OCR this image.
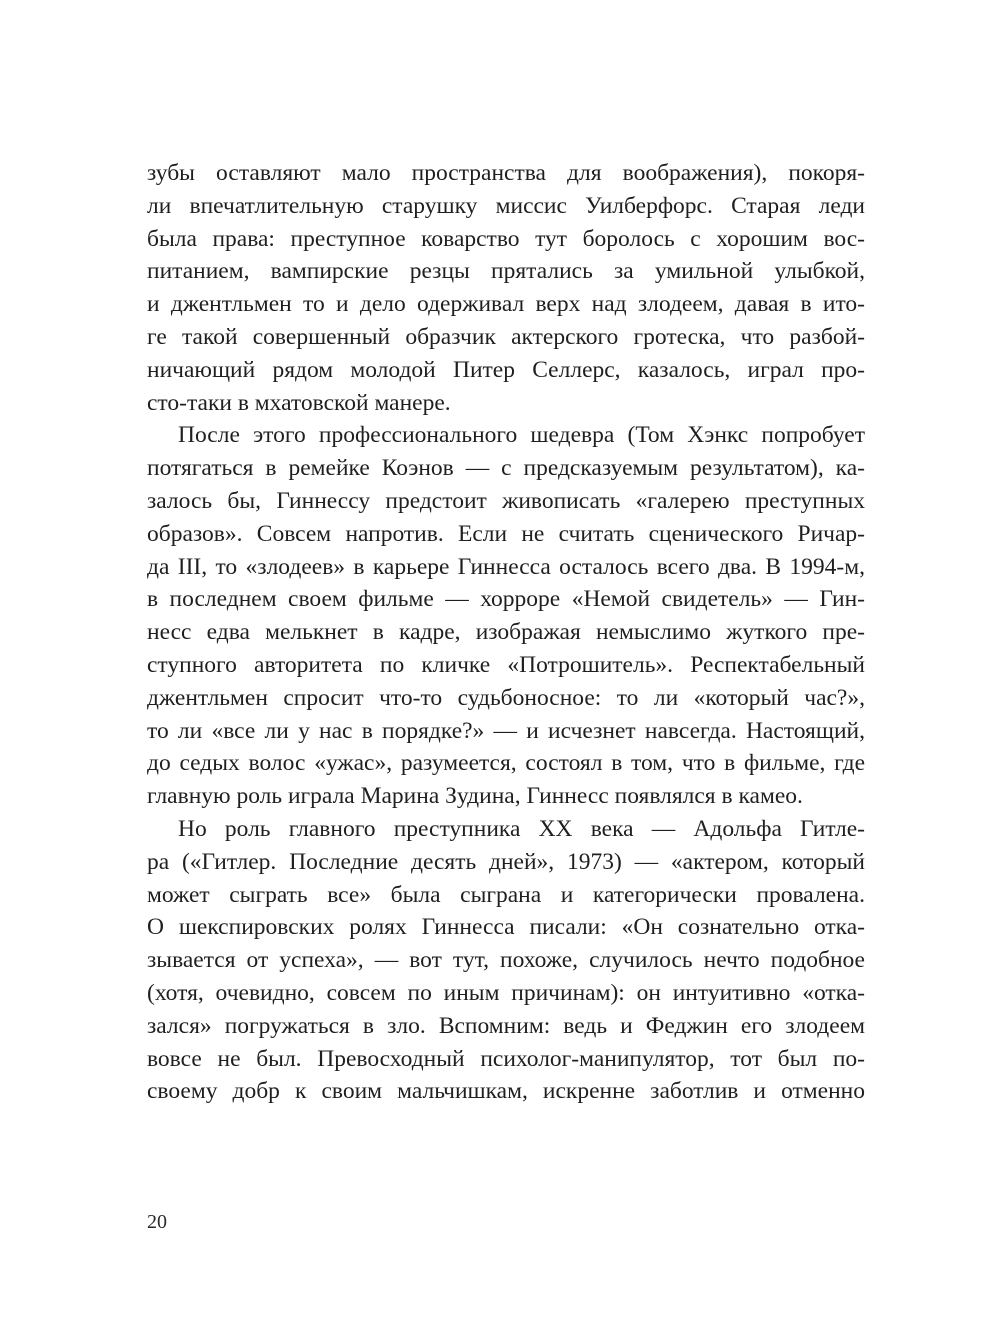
зубы оставляют мало пространства для воображения), покоря-
ли впечатлительную старушку миссис Уилберфорс. Старая леди
была права: преступное коварство тут боролось с хорошим вос-
питанием, вампирские резцы прятались за умильной улыбкой,
и джентльмен то и дело одерживал верх над злодеем, давая в ито-
ге такой совершенный образчик актерского гротеска, что разбой-
ничающий рядом молодой Питер Селлерс, казалось, играл про-
сто-таки в мхатовской манере.
После этого профессионального шедевра (Том Хэнкс попробует
потягаться в ремейке Коэнов — с предсказуемым результатом), ка-
залось бы, Гиннессу предстоит живописать «галерею преступных
образов». Совсем напротив. Если не считать сценического Ричар-
да III, то «злодеев» в карьере Гиннесса осталось всего два. В 1994-м,
в последнем своем фильме — хорроре «Немой свидетель» — Гин-
несс едва мелькнет в кадре, изображая немыслимо жуткого пре-
ступного авторитета по кличке «Потрошитель». Респектабельный
джентльмен спросит что-то судьбоносное: то ли «который час?»,
то ли «все ли у нас в порядке?» — и исчезнет навсегда. Настоящий,
до седых волос «ужас», разумеется, состоял в том, что в фильме, где
главную роль играла Марина Зудина, Гиннесс появлялся в камео.
Но роль главного преступника XX века — Адольфа Гитле-
ра («Гитлер. Последние десять дней», 1973) — «актером, который
может сыграть все» была сыграна и категорически провалена.
О шекспировских ролях Гиннесса писали: «Он сознательно отка-
зывается от успеха», — вот тут, похоже, случилось нечто подобное
(хотя, очевидно, совсем по иным причинам): он интуитивно «отка-
зался» погружаться в зло. Вспомним: ведь и Феджин его злодеем
вовсе не был. Превосходный психолог-манипулятор, тот был по-
своему добр к своим мальчишкам, искренне заботлив и отменно
20
